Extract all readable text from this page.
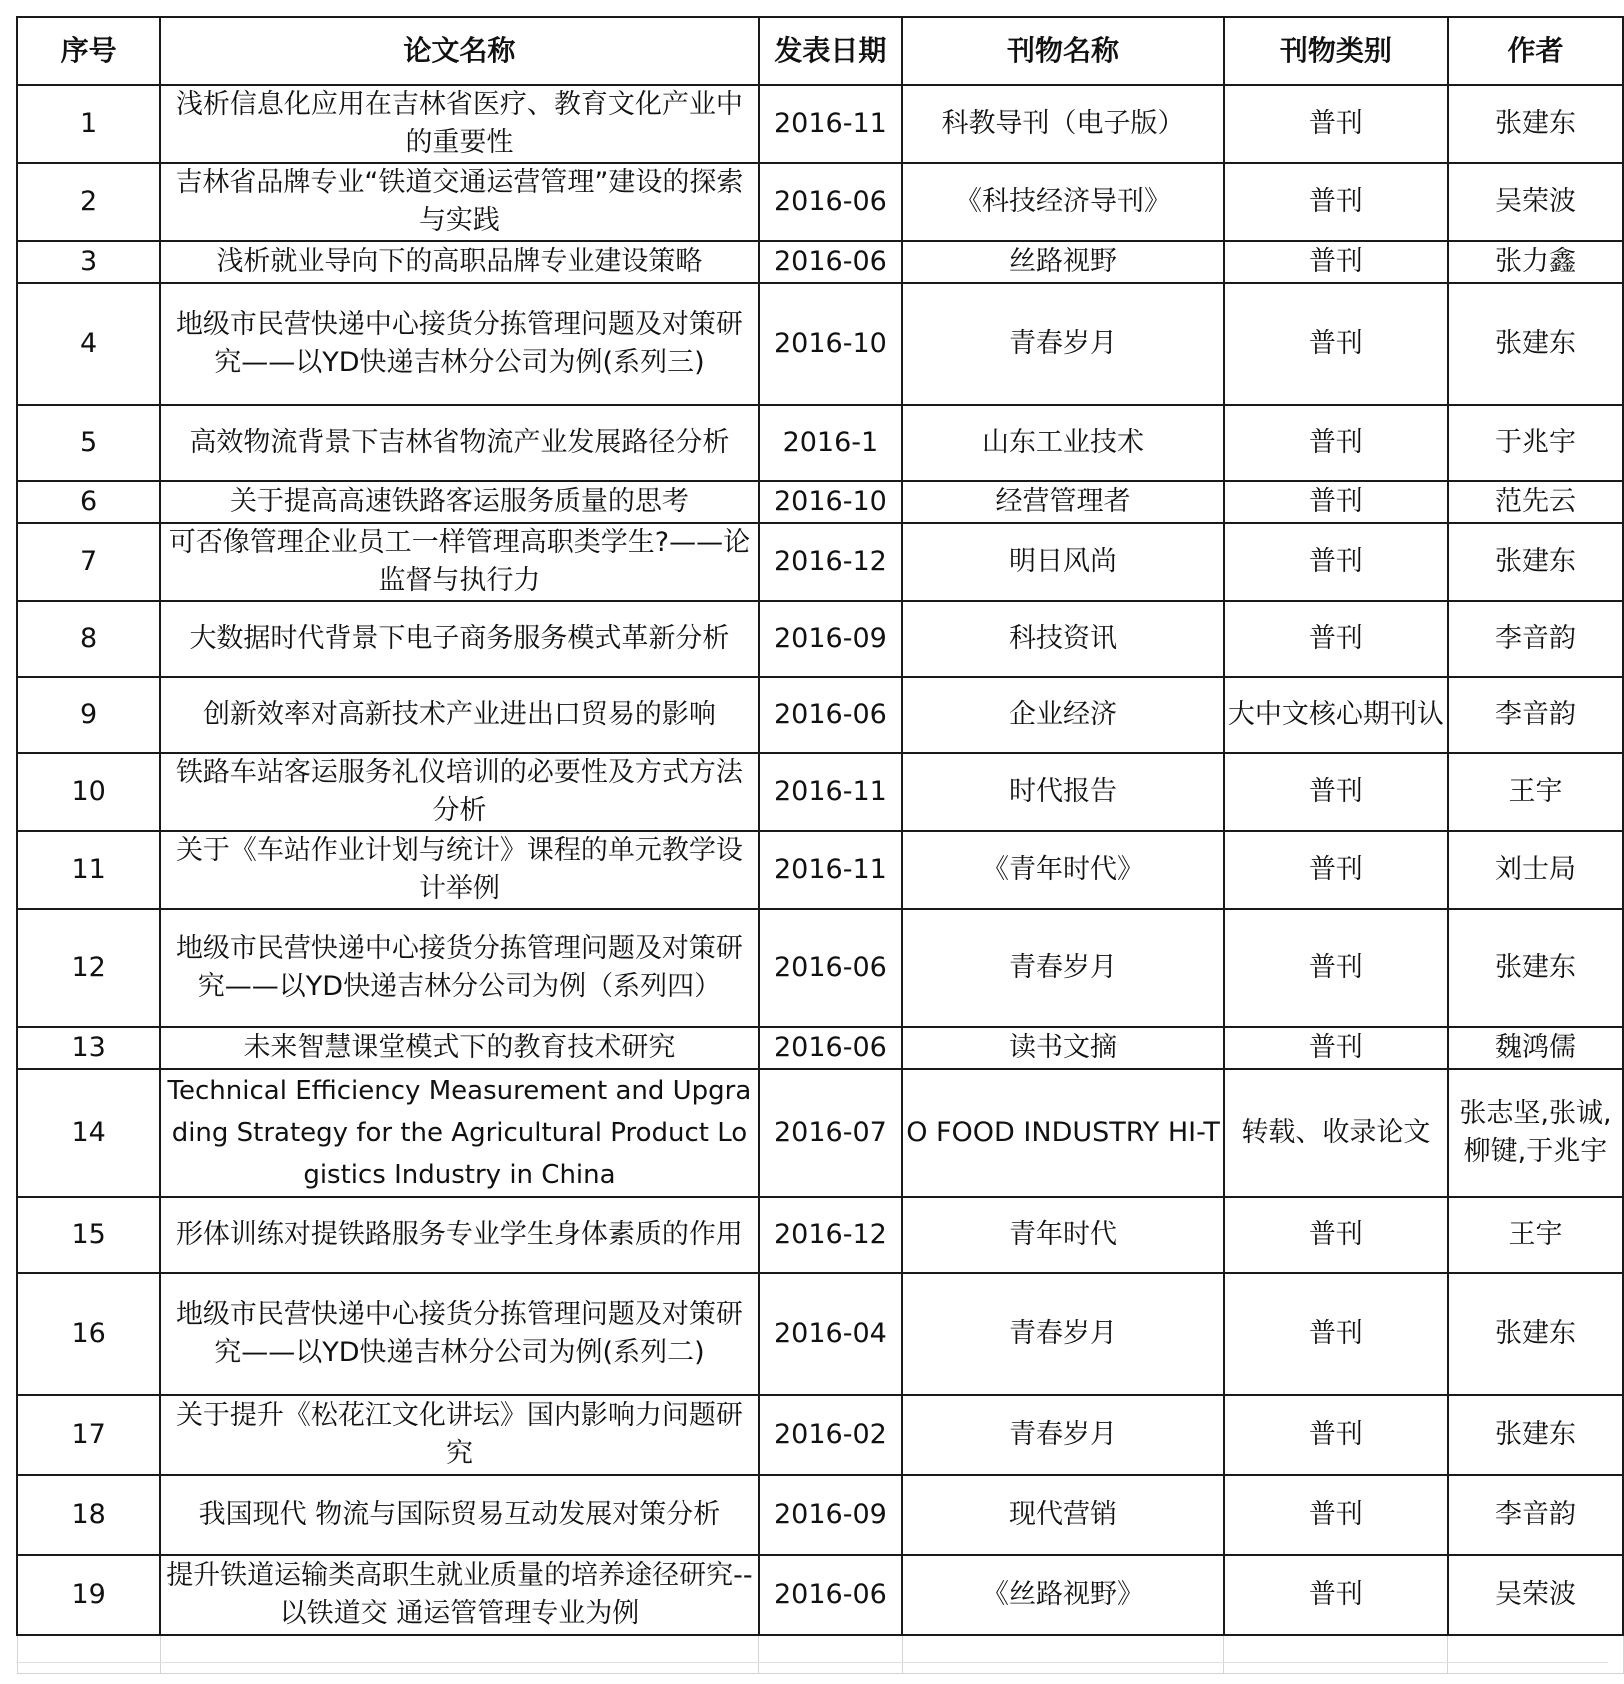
序号	论文名称	发表日期	刊物名称	刊物类别	作者
1	浅析信息化应用在吉林省医疗、教育文化产业中的重要性	2016-11	科教导刊（电子版）	普刊	张建东
2	吉林省品牌专业“铁道交通运营管理”建设的探索与实践	2016-06	《科技经济导刊》	普刊	吴荣波
3	浅析就业导向下的高职品牌专业建设策略	2016-06	丝路视野	普刊	张力鑫
4	地级市民营快递中心接货分拣管理问题及对策研究——以YD快递吉林分公司为例(系列三)	2016-10	青春岁月	普刊	张建东
5	高效物流背景下吉林省物流产业发展路径分析	2016-1	山东工业技术	普刊	于兆宇
6	关于提高高速铁路客运服务质量的思考	2016-10	经营管理者	普刊	范先云
7	可否像管理企业员工一样管理高职类学生?——论监督与执行力	2016-12	明日风尚	普刊	张建东
8	大数据时代背景下电子商务服务模式革新分析	2016-09	科技资讯	普刊	李音韵
9	创新效率对高新技术产业进出口贸易的影响	2016-06	企业经济	大中文核心期刊认	李音韵
10	铁路车站客运服务礼仪培训的必要性及方式方法分析	2016-11	时代报告	普刊	王宇
11	关于《车站作业计划与统计》课程的单元教学设计举例	2016-11	《青年时代》	普刊	刘士局
12	地级市民营快递中心接货分拣管理问题及对策研究——以YD快递吉林分公司为例（系列四）	2016-06	青春岁月	普刊	张建东
13	未来智慧课堂模式下的教育技术研究	2016-06	读书文摘	普刊	魏鸿儒
14	Technical Efficiency Measurement and Upgrading Strategy for the Agricultural Product Logistics Industry in China	2016-07	O FOOD INDUSTRY HI-T	转载、收录论文	张志坚,张诚,柳键,于兆宇
15	形体训练对提铁路服务专业学生身体素质的作用	2016-12	青年时代	普刊	王宇
16	地级市民营快递中心接货分拣管理问题及对策研究——以YD快递吉林分公司为例(系列二)	2016-04	青春岁月	普刊	张建东
17	关于提升《松花江文化讲坛》国内影响力问题研究	2016-02	青春岁月	普刊	张建东
18	我国现代 物流与国际贸易互动发展对策分析	2016-09	现代营销	普刊	李音韵
19	提升铁道运输类高职生就业质量的培养途径研究--以铁道交 通运管管理专业为例	2016-06	《丝路视野》	普刊	吴荣波
